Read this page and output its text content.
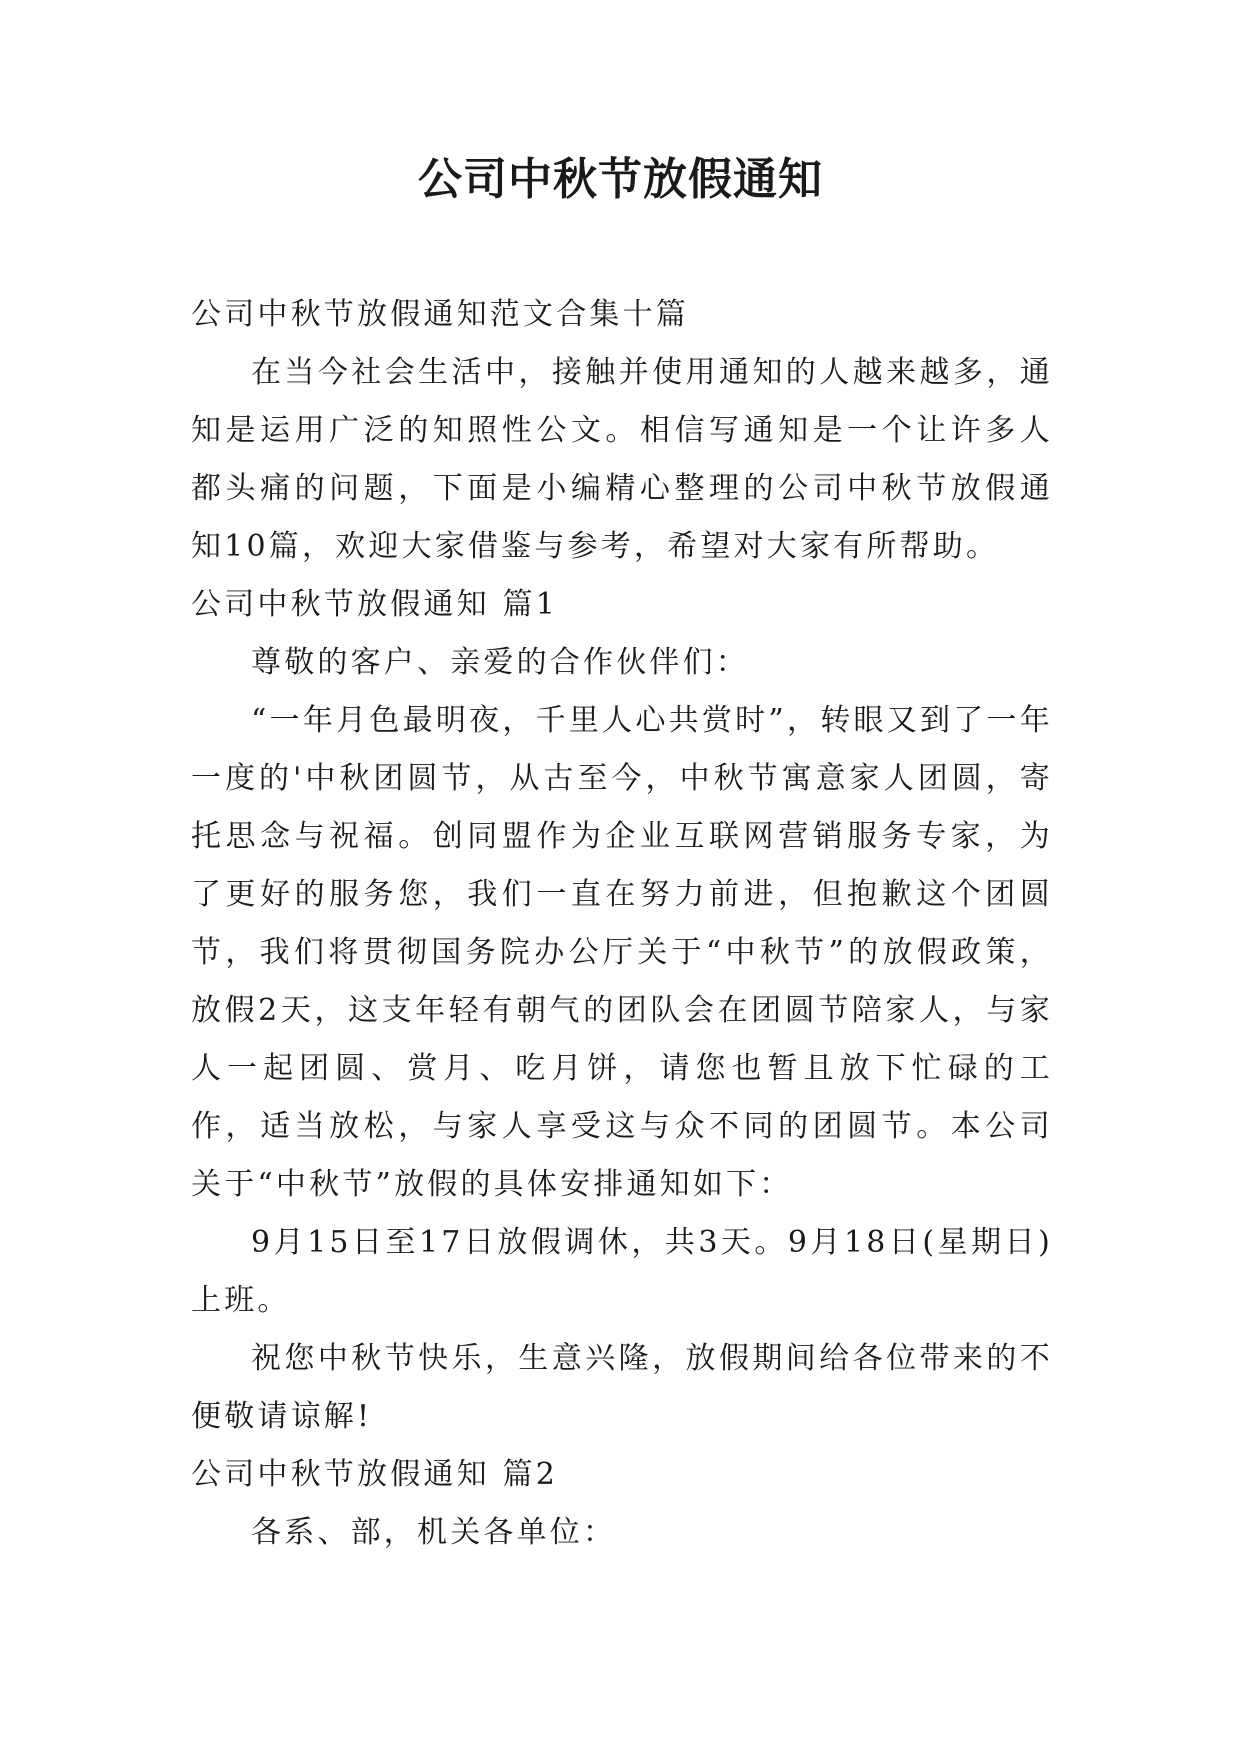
公司中秋节放假通知

公司中秋节放假通知范文合集十篇

在当今社会生活中，接触并使用通知的人越来越多，通知是运用广泛的知照性公文。相信写通知是一个让许多人都头痛的问题，下面是小编精心整理的公司中秋节放假通知10篇，欢迎大家借鉴与参考，希望对大家有所帮助。

公司中秋节放假通知 篇1

尊敬的客户、亲爱的合作伙伴们：

“一年月色最明夜，千里人心共赏时”，转眼又到了一年一度的'中秋团圆节，从古至今，中秋节寓意家人团圆，寄托思念与祝福。创同盟作为企业互联网营销服务专家，为了更好的服务您，我们一直在努力前进，但抱歉这个团圆节，我们将贯彻国务院办公厅关于“中秋节”的放假政策，放假2天，这支年轻有朝气的团队会在团圆节陪家人，与家人一起团圆、赏月、吃月饼，请您也暂且放下忙碌的工作，适当放松，与家人享受这与众不同的团圆节。本公司关于“中秋节”放假的具体安排通知如下：

9月15日至17日放假调休，共3天。9月18日(星期日)上班。

祝您中秋节快乐，生意兴隆，放假期间给各位带来的不便敬请谅解!

公司中秋节放假通知 篇2

各系、部，机关各单位：
